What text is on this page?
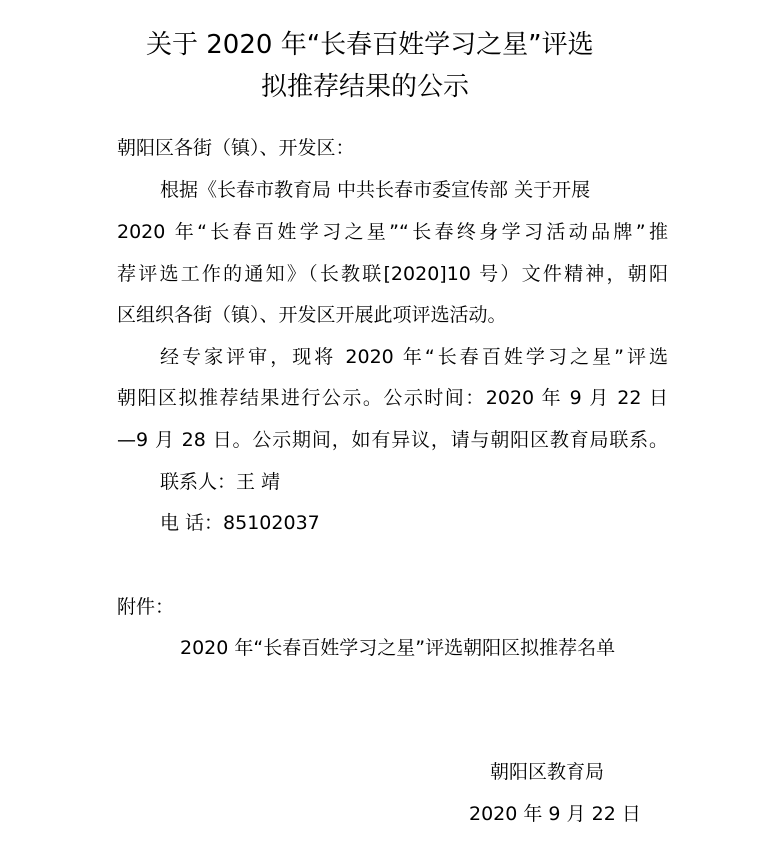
关于 2020 年“长春百姓学习之星”评选
拟推荐结果的公示
朝阳区各街（镇）、开发区：
根据《长春市教育局 中共长春市委宣传部 关于开展
2020 年“长春百姓学习之星”“长春终身学习活动品牌”推
荐评选工作的通知》（长教联[2020]10 号）文件精神，朝阳
区组织各街（镇）、开发区开展此项评选活动。
经专家评审，现将 2020 年“长春百姓学习之星”评选
朝阳区拟推荐结果进行公示。公示时间：2020 年 9 月 22 日
—9 月 28 日。公示期间，如有异议，请与朝阳区教育局联系。
联系人：王 靖
电 话：85102037
附件：
2020 年“长春百姓学习之星”评选朝阳区拟推荐名单
朝阳区教育局
2020 年 9 月 22 日
